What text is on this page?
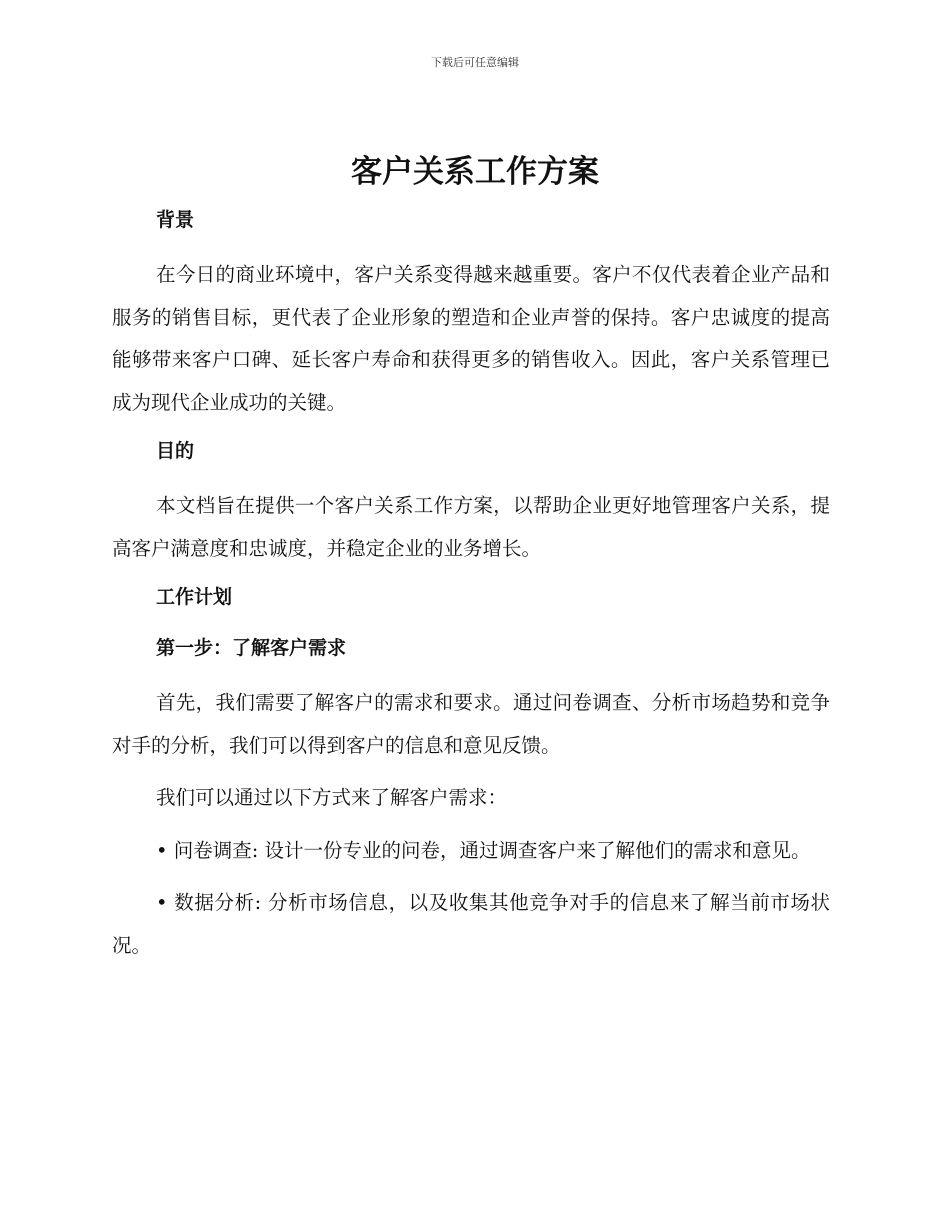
下载后可任意编辑
客户关系工作方案

背景

在今日的商业环境中，客户关系变得越来越重要。客户不仅代表着企业产品和服务的销售目标，更代表了企业形象的塑造和企业声誉的保持。客户忠诚度的提高能够带来客户口碑、延长客户寿命和获得更多的销售收入。因此，客户关系管理已成为现代企业成功的关键。

目的

本文档旨在提供一个客户关系工作方案，以帮助企业更好地管理客户关系，提高客户满意度和忠诚度，并稳定企业的业务增长。

工作计划

第一步：了解客户需求

首先，我们需要了解客户的需求和要求。通过问卷调查、分析市场趋势和竞争对手的分析，我们可以得到客户的信息和意见反馈。

我们可以通过以下方式来了解客户需求：

• 问卷调查: 设计一份专业的问卷，通过调查客户来了解他们的需求和意见。

• 数据分析: 分析市场信息，以及收集其他竞争对手的信息来了解当前市场状况。
